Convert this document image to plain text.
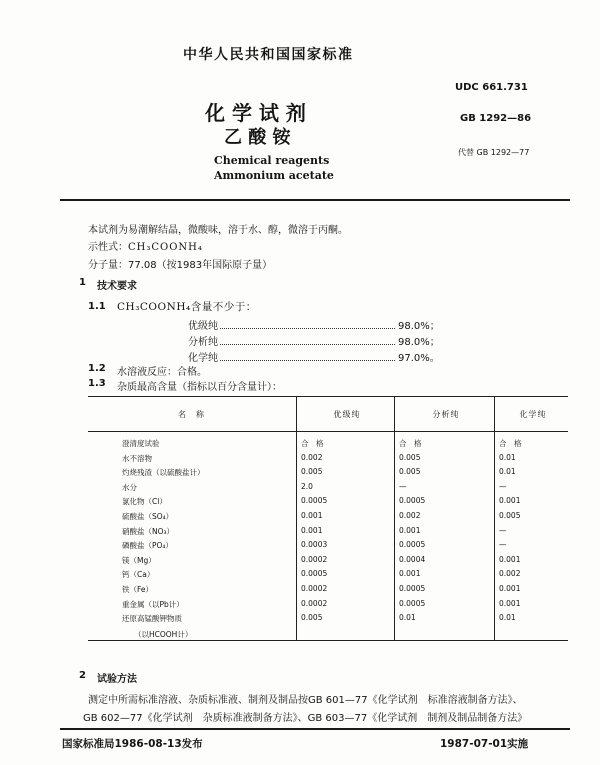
中华人民共和国国家标准
UDC 661.731
化 学 试 剂	GB 1292—86
乙 酸 铵
代替 GB 1292—77
Chemical reagents
Ammonium acetate
本试剂为易潮解结晶，微酸味，溶于水、醇，微溶于丙酮。
示性式：CH₃COONH₄
分子量：77.08（按1983年国际原子量）
1 技术要求
1.1 CH₃COONH₄含量不少于：
优级纯	98.0%；
分析纯	98.0%；
化学纯	97.0%。
1.2 水溶液反应：合格。
1.3 杂质最高含量（指标以百分含量计）：
名　称	优级纯	分析纯	化学纯
澄清度试验	合　格	合　格	合　格
水不溶物	0.002	0.005	0.01
灼烧残渣（以硫酸盐计）	0.005	0.005	0.01
水分	2.0	—	—
氯化物（Cl）	0.0005	0.0005	0.001
硫酸盐（SO₄）	0.001	0.002	0.005
硝酸盐（NO₃）	0.001	0.001	—
磷酸盐（PO₄）	0.0003	0.0005	—
镁（Mg）	0.0002	0.0004	0.001
钙（Ca）	0.0005	0.001	0.002
铁（Fe）	0.0002	0.0005	0.001
重金属（以Pb计）	0.0002	0.0005	0.001

还原高锰酸钾物质
（以HCOOH计）	0.005	0.01	0.01
2 试验方法
测定中所需标准溶液、杂质标准液、制剂及制品按GB 601—77《化学试剂　标准溶液制备方法》、
GB 602—77《化学试剂　杂质标准液制备方法》、GB 603—77《化学试剂　制剂及制品制备方法》
国家标准局1986-08-13发布	1987-07-01实施
